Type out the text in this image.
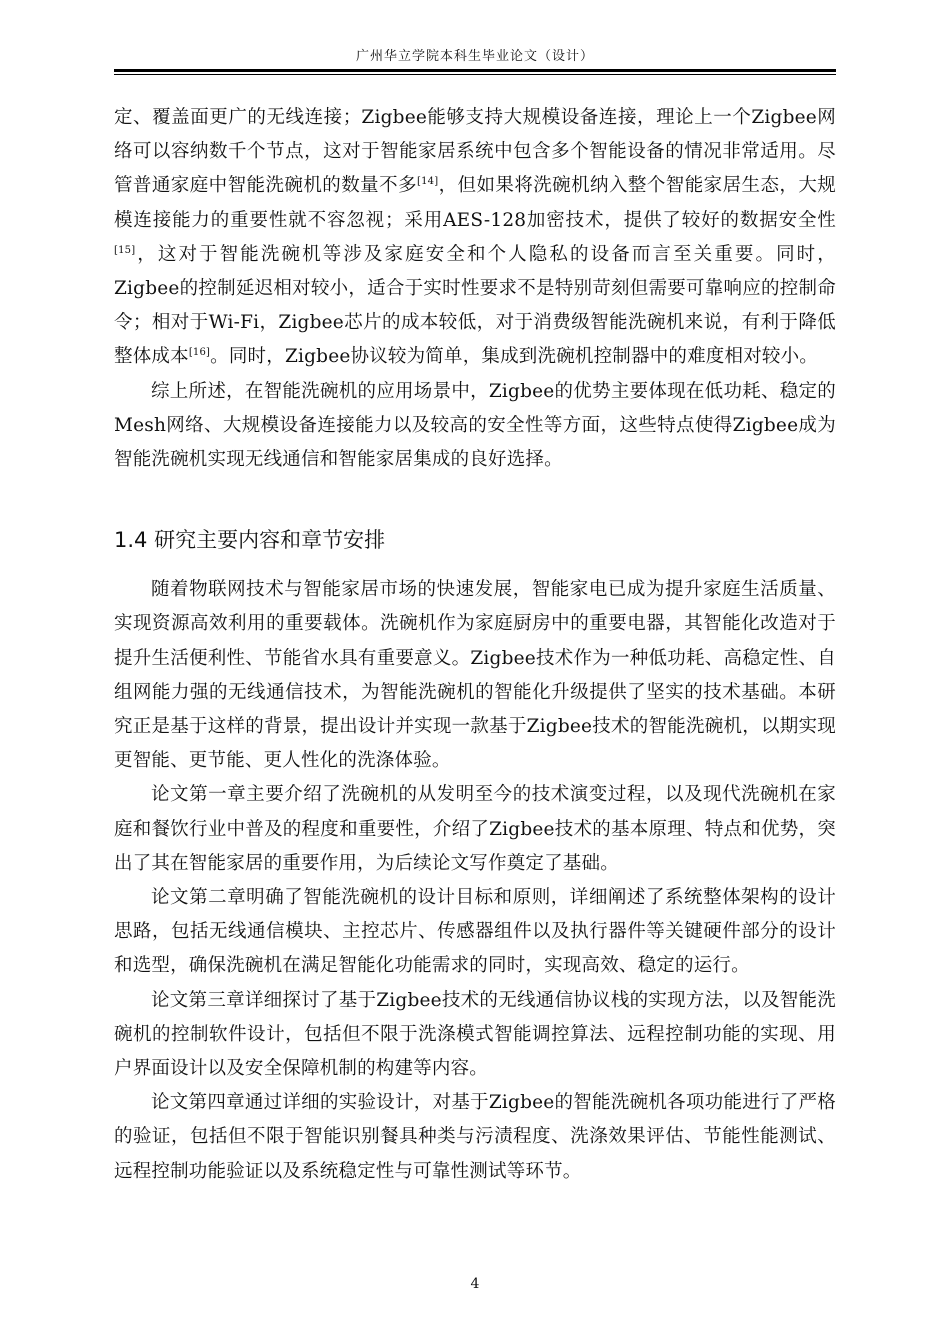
广州华立学院本科生毕业论文（设计）

定、覆盖面更广的无线连接；Zigbee能够支持大规模设备连接，理论上一个Zigbee网络可以容纳数千个节点，这对于智能家居系统中包含多个智能设备的情况非常适用。尽管普通家庭中智能洗碗机的数量不多[14]，但如果将洗碗机纳入整个智能家居生态，大规模连接能力的重要性就不容忽视；采用AES-128加密技术，提供了较好的数据安全性[15]，这对于智能洗碗机等涉及家庭安全和个人隐私的设备而言至关重要。同时，Zigbee的控制延迟相对较小，适合于实时性要求不是特别苛刻但需要可靠响应的控制命令；相对于Wi-Fi，Zigbee芯片的成本较低，对于消费级智能洗碗机来说，有利于降低整体成本[16]。同时，Zigbee协议较为简单，集成到洗碗机控制器中的难度相对较小。

综上所述，在智能洗碗机的应用场景中，Zigbee的优势主要体现在低功耗、稳定的Mesh网络、大规模设备连接能力以及较高的安全性等方面，这些特点使得Zigbee成为智能洗碗机实现无线通信和智能家居集成的良好选择。

1.4 研究主要内容和章节安排

随着物联网技术与智能家居市场的快速发展，智能家电已成为提升家庭生活质量、实现资源高效利用的重要载体。洗碗机作为家庭厨房中的重要电器，其智能化改造对于提升生活便利性、节能省水具有重要意义。Zigbee技术作为一种低功耗、高稳定性、自组网能力强的无线通信技术，为智能洗碗机的智能化升级提供了坚实的技术基础。本研究正是基于这样的背景，提出设计并实现一款基于Zigbee技术的智能洗碗机，以期实现更智能、更节能、更人性化的洗涤体验。

论文第一章主要介绍了洗碗机的从发明至今的技术演变过程，以及现代洗碗机在家庭和餐饮行业中普及的程度和重要性，介绍了Zigbee技术的基本原理、特点和优势，突出了其在智能家居的重要作用，为后续论文写作奠定了基础。

论文第二章明确了智能洗碗机的设计目标和原则，详细阐述了系统整体架构的设计思路，包括无线通信模块、主控芯片、传感器组件以及执行器件等关键硬件部分的设计和选型，确保洗碗机在满足智能化功能需求的同时，实现高效、稳定的运行。

论文第三章详细探讨了基于Zigbee技术的无线通信协议栈的实现方法，以及智能洗碗机的控制软件设计，包括但不限于洗涤模式智能调控算法、远程控制功能的实现、用户界面设计以及安全保障机制的构建等内容。

论文第四章通过详细的实验设计，对基于Zigbee的智能洗碗机各项功能进行了严格的验证，包括但不限于智能识别餐具种类与污渍程度、洗涤效果评估、节能性能测试、远程控制功能验证以及系统稳定性与可靠性测试等环节。

4
